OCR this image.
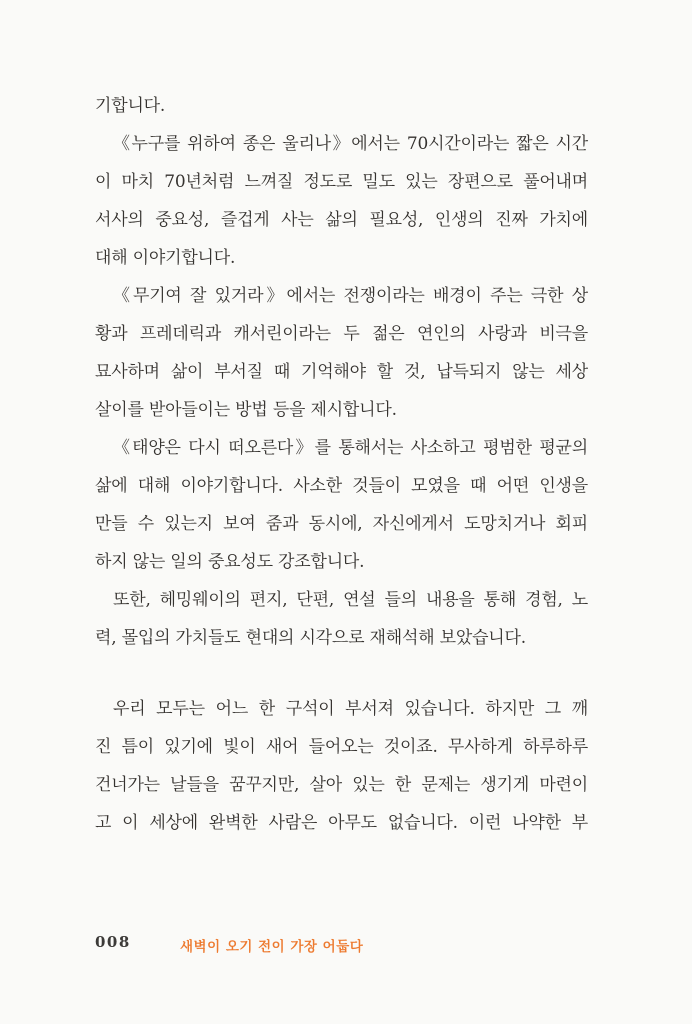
기합니다.
《누구를 위하여 종은 울리나》에서는 70시간이라는 짧은 시간
이 마치 70년처럼 느껴질 정도로 밀도 있는 장편으로 풀어내며
서사의 중요성, 즐겁게 사는 삶의 필요성, 인생의 진짜 가치에
대해 이야기합니다.
《무기여 잘 있거라》에서는 전쟁이라는 배경이 주는 극한 상
황과 프레데릭과 캐서린이라는 두 젊은 연인의 사랑과 비극을
묘사하며 삶이 부서질 때 기억해야 할 것, 납득되지 않는 세상
살이를 받아들이는 방법 등을 제시합니다.
《태양은 다시 떠오른다》를 통해서는 사소하고 평범한 평균의
삶에 대해 이야기합니다. 사소한 것들이 모였을 때 어떤 인생을
만들 수 있는지 보여 줌과 동시에, 자신에게서 도망치거나 회피
하지 않는 일의 중요성도 강조합니다.
또한, 헤밍웨이의 편지, 단편, 연설 들의 내용을 통해 경험, 노
력, 몰입의 가치들도 현대의 시각으로 재해석해 보았습니다.
우리 모두는 어느 한 구석이 부서져 있습니다. 하지만 그 깨
진 틈이 있기에 빛이 새어 들어오는 것이죠. 무사하게 하루하루
건너가는 날들을 꿈꾸지만, 살아 있는 한 문제는 생기게 마련이
고 이 세상에 완벽한 사람은 아무도 없습니다. 이런 나약한 부
008	새벽이 오기 전이 가장 어둡다
